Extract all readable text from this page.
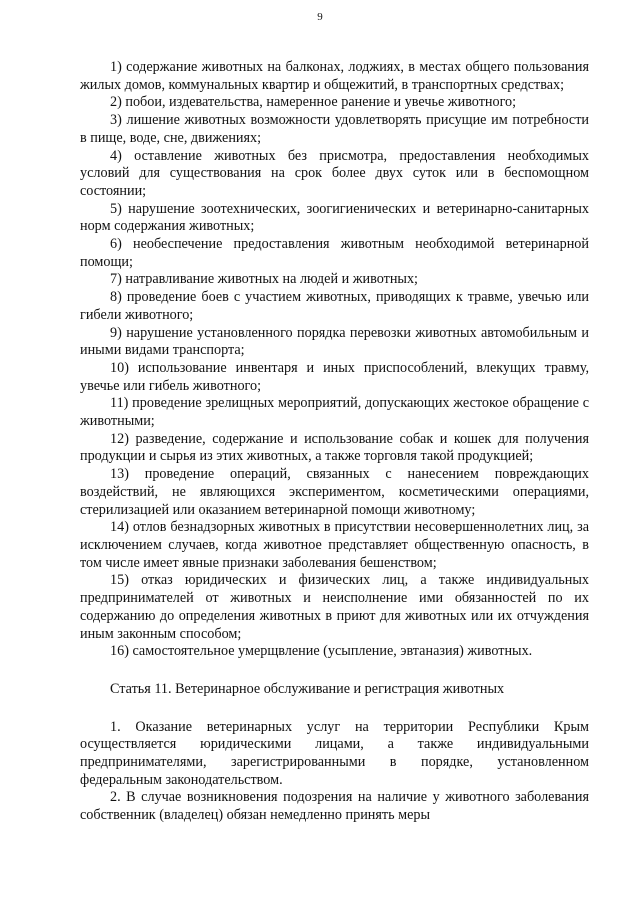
9

1) содержание животных на балконах, лоджиях, в местах общего пользования жилых домов, коммунальных квартир и общежитий, в транспортных средствах;

2) побои, издевательства, намеренное ранение и увечье животного;

3) лишение животных возможности удовлетворять присущие им потребности в пище, воде, сне, движениях;

4) оставление животных без присмотра, предоставления необходимых условий для существования на срок более двух суток или в беспомощном состоянии;

5) нарушение зоотехнических, зоогигиенических и ветеринарно-санитарных норм содержания животных;

6) необеспечение предоставления животным необходимой ветеринарной помощи;

7) натравливание животных на людей и животных;

8) проведение боев с участием животных, приводящих к травме, увечью или гибели животного;

9) нарушение установленного порядка перевозки животных автомобильным и иными видами транспорта;

10) использование инвентаря и иных приспособлений, влекущих травму, увечье или гибель животного;

11) проведение зрелищных мероприятий, допускающих жестокое обращение с животными;

12) разведение, содержание и использование собак и кошек для получения продукции и сырья из этих животных, а также торговля такой продукцией;

13) проведение операций, связанных с нанесением повреждающих воздействий, не являющихся экспериментом, косметическими операциями, стерилизацией или оказанием ветеринарной помощи животному;

14) отлов безнадзорных животных в присутствии несовершеннолетних лиц, за исключением случаев, когда животное представляет общественную опасность, в том числе имеет явные признаки заболевания бешенством;

15) отказ юридических и физических лиц, а также индивидуальных предпринимателей от животных и неисполнение ими обязанностей по их содержанию до определения животных в приют для животных или их отчуждения иным законным способом;

16) самостоятельное умерщвление (усыпление, эвтаназия) животных.

Статья 11. Ветеринарное обслуживание и регистрация животных

1. Оказание ветеринарных услуг на территории Республики Крым осуществляется юридическими лицами, а также индивидуальными предпринимателями, зарегистрированными в порядке, установленном федеральным законодательством.

2. В случае возникновения подозрения на наличие у животного заболевания собственник (владелец) обязан немедленно принять меры
